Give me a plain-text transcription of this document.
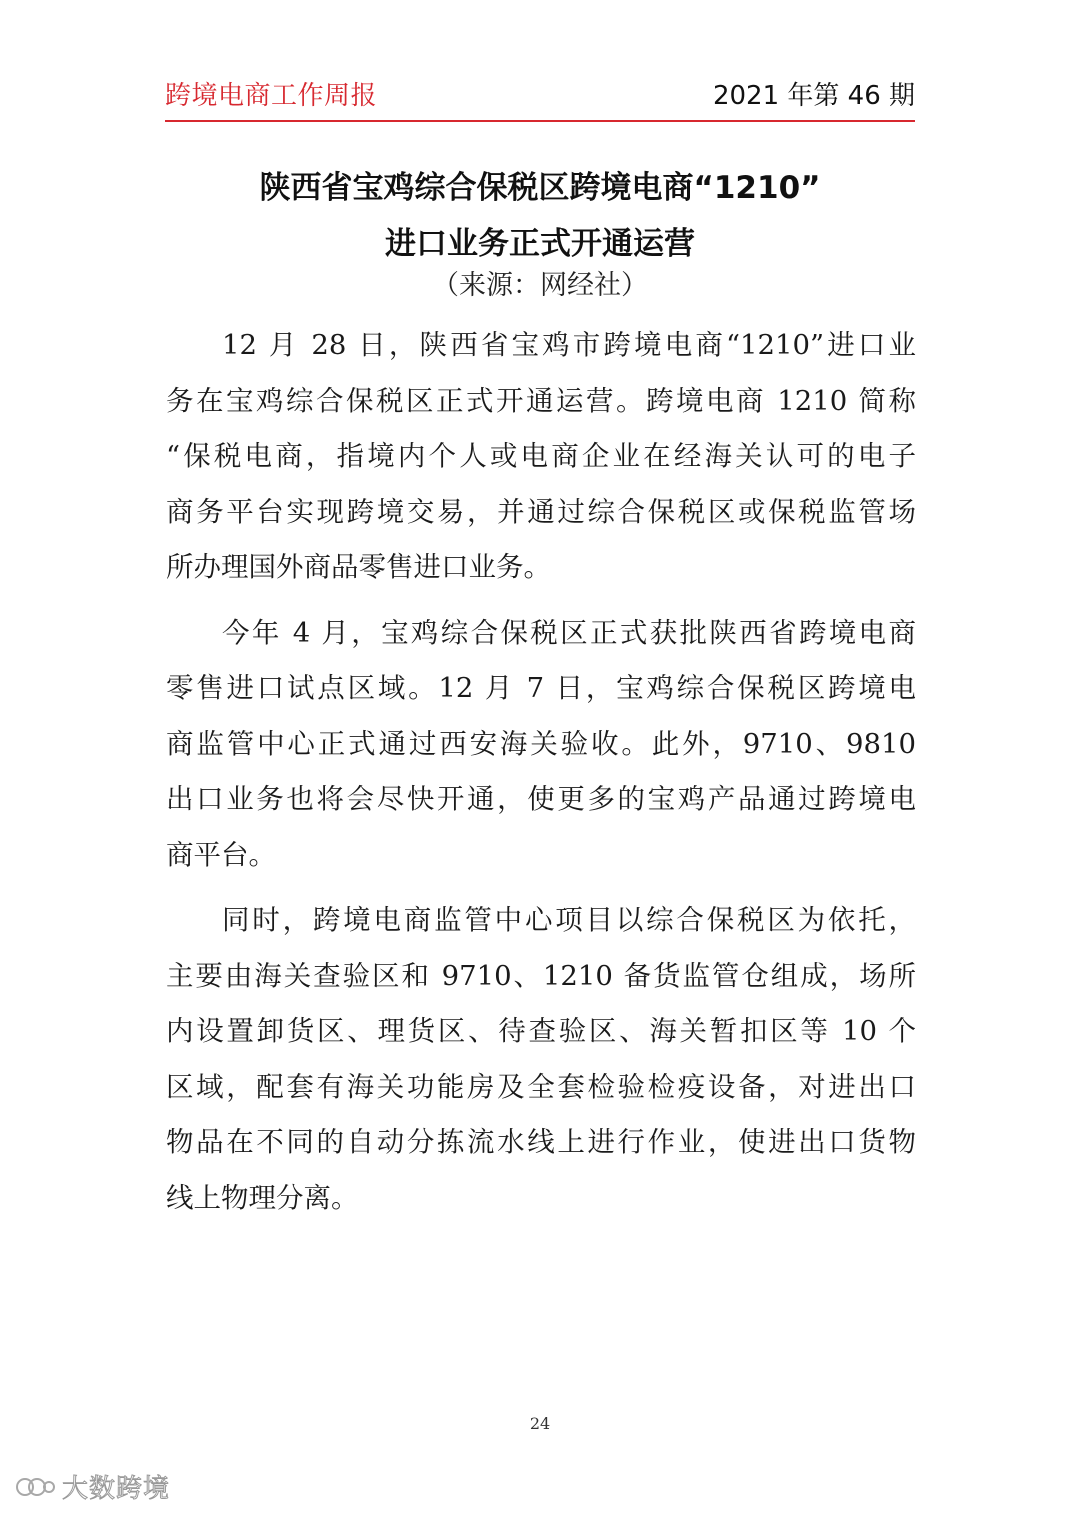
跨境电商工作周报	2021 年第 46 期
陕西省宝鸡综合保税区跨境电商“1210”
进口业务正式开通运营
（来源：网经社）
12 月 28 日，陕西省宝鸡市跨境电商“1210”进口业
务在宝鸡综合保税区正式开通运营。跨境电商 1210 简称
“保税电商，指境内个人或电商企业在经海关认可的电子
商务平台实现跨境交易，并通过综合保税区或保税监管场
所办理国外商品零售进口业务。
今年 4 月，宝鸡综合保税区正式获批陕西省跨境电商
零售进口试点区域。12 月 7 日，宝鸡综合保税区跨境电
商监管中心正式通过西安海关验收。此外，9710、9810
出口业务也将会尽快开通，使更多的宝鸡产品通过跨境电
商平台。
同时，跨境电商监管中心项目以综合保税区为依托，
主要由海关查验区和 9710、1210 备货监管仓组成，场所
内设置卸货区、理货区、待查验区、海关暂扣区等 10 个
区域，配套有海关功能房及全套检验检疫设备，对进出口
物品在不同的自动分拣流水线上进行作业，使进出口货物
线上物理分离。
24
大数跨境
